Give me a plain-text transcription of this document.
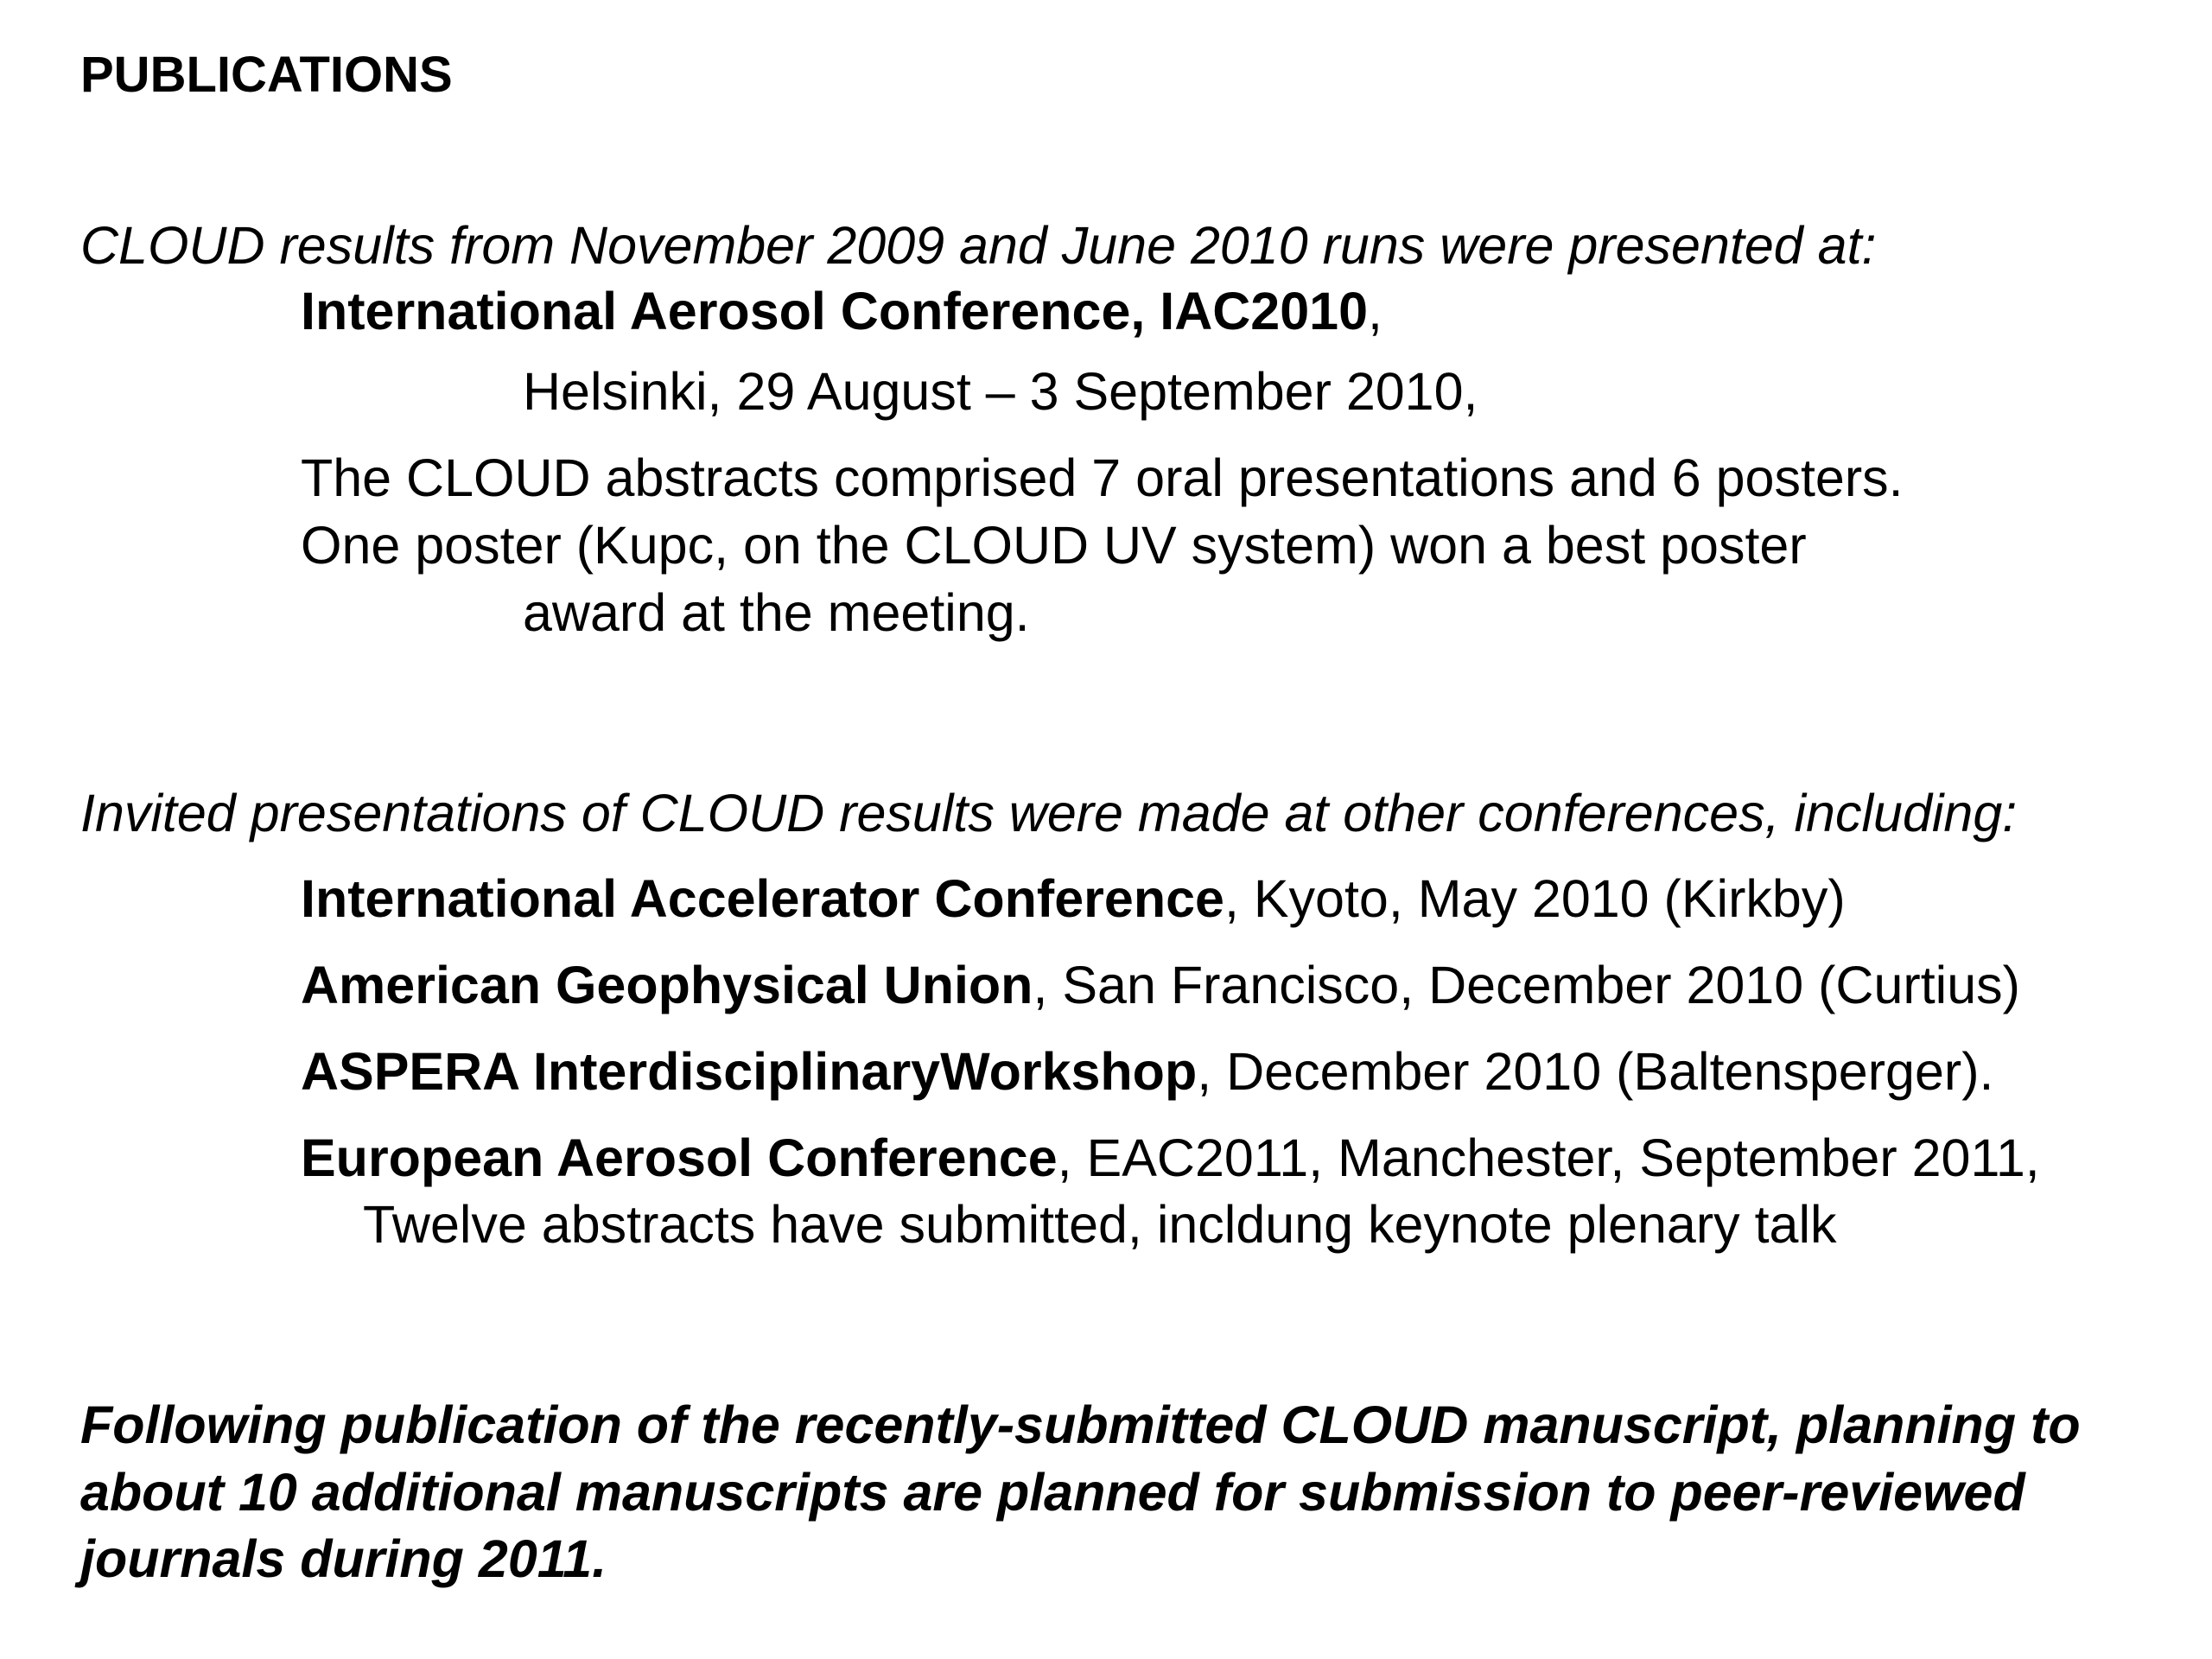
PUBLICATIONS
CLOUD results from November 2009 and June 2010 runs were presented at:
International Aerosol Conference, IAC2010,
Helsinki, 29 August – 3 September 2010,
The CLOUD abstracts comprised 7 oral presentations and 6 posters.
One poster (Kupc, on the CLOUD UV system) won a best poster
award at the meeting.
Invited presentations of CLOUD results were made at other conferences, including:
International Accelerator Conference, Kyoto, May 2010 (Kirkby)
American Geophysical Union, San Francisco, December 2010 (Curtius)
ASPERA InterdisciplinaryWorkshop, December 2010 (Baltensperger).
European Aerosol Conference, EAC2011, Manchester, September 2011,
Twelve abstracts have submitted, incldung keynote plenary talk
Following publication of the recently-submitted CLOUD manuscript, planning to
about 10 additional manuscripts are planned for submission to peer-reviewed
journals during 2011.
